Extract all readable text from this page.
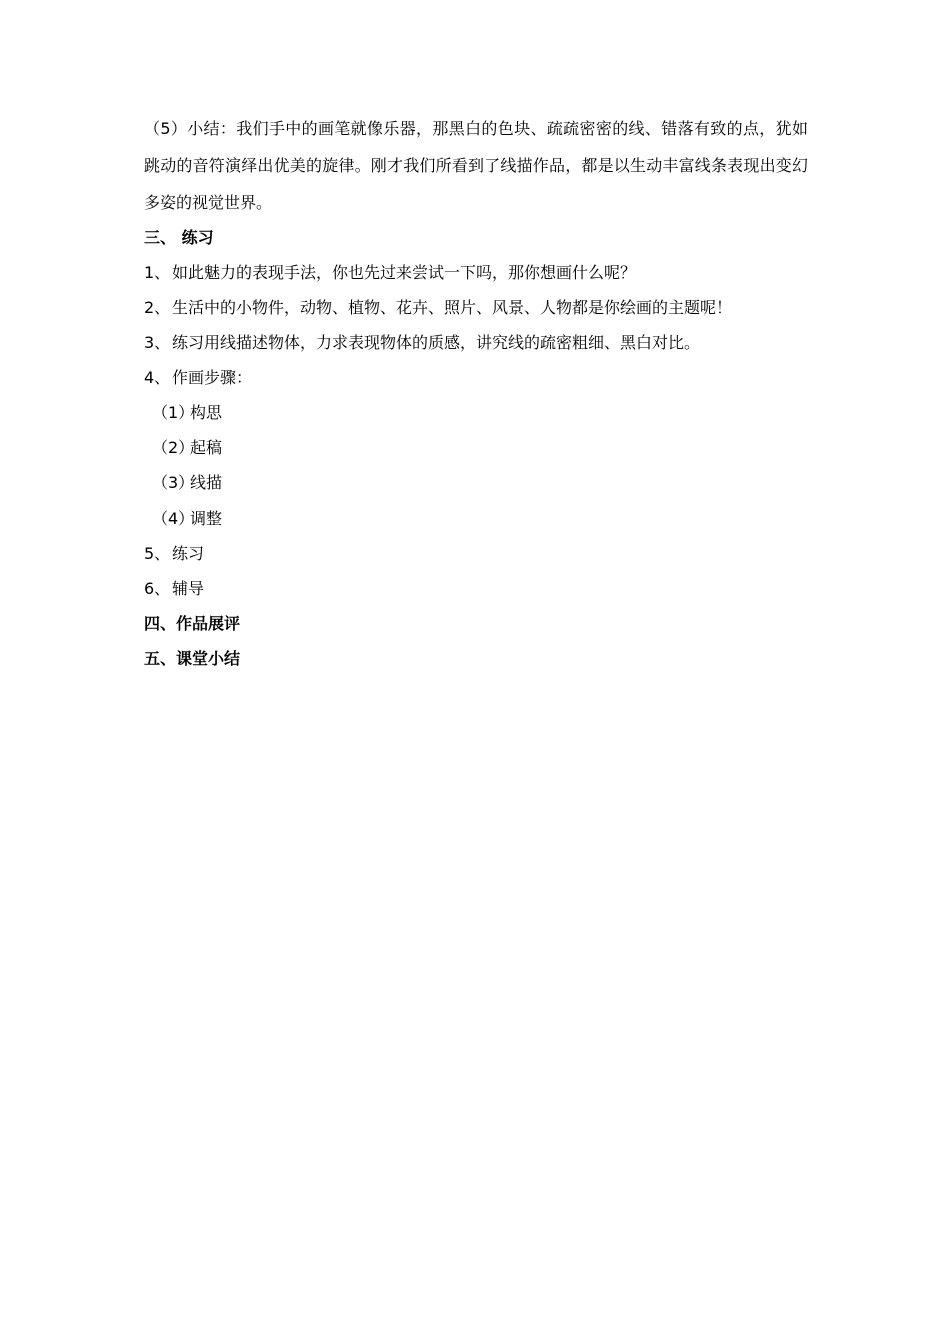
（5）小结：我们手中的画笔就像乐器，那黑白的色块、疏疏密密的线、错落有致的点，犹如跳动的音符演绎出优美的旋律。刚才我们所看到了线描作品，都是以生动丰富线条表现出变幻多姿的视觉世界。

三、 练习
1、 如此魅力的表现手法，你也先过来尝试一下吗，那你想画什么呢？
2、 生活中的小物件，动物、植物、花卉、照片、风景、人物都是你绘画的主题呢！
3、 练习用线描述物体，力求表现物体的质感，讲究线的疏密粗细、黑白对比。
4、 作画步骤：
（1）构思
（2）起稿
（3）线描
（4）调整
5、 练习
6、 辅导
四、作品展评
五、课堂小结
